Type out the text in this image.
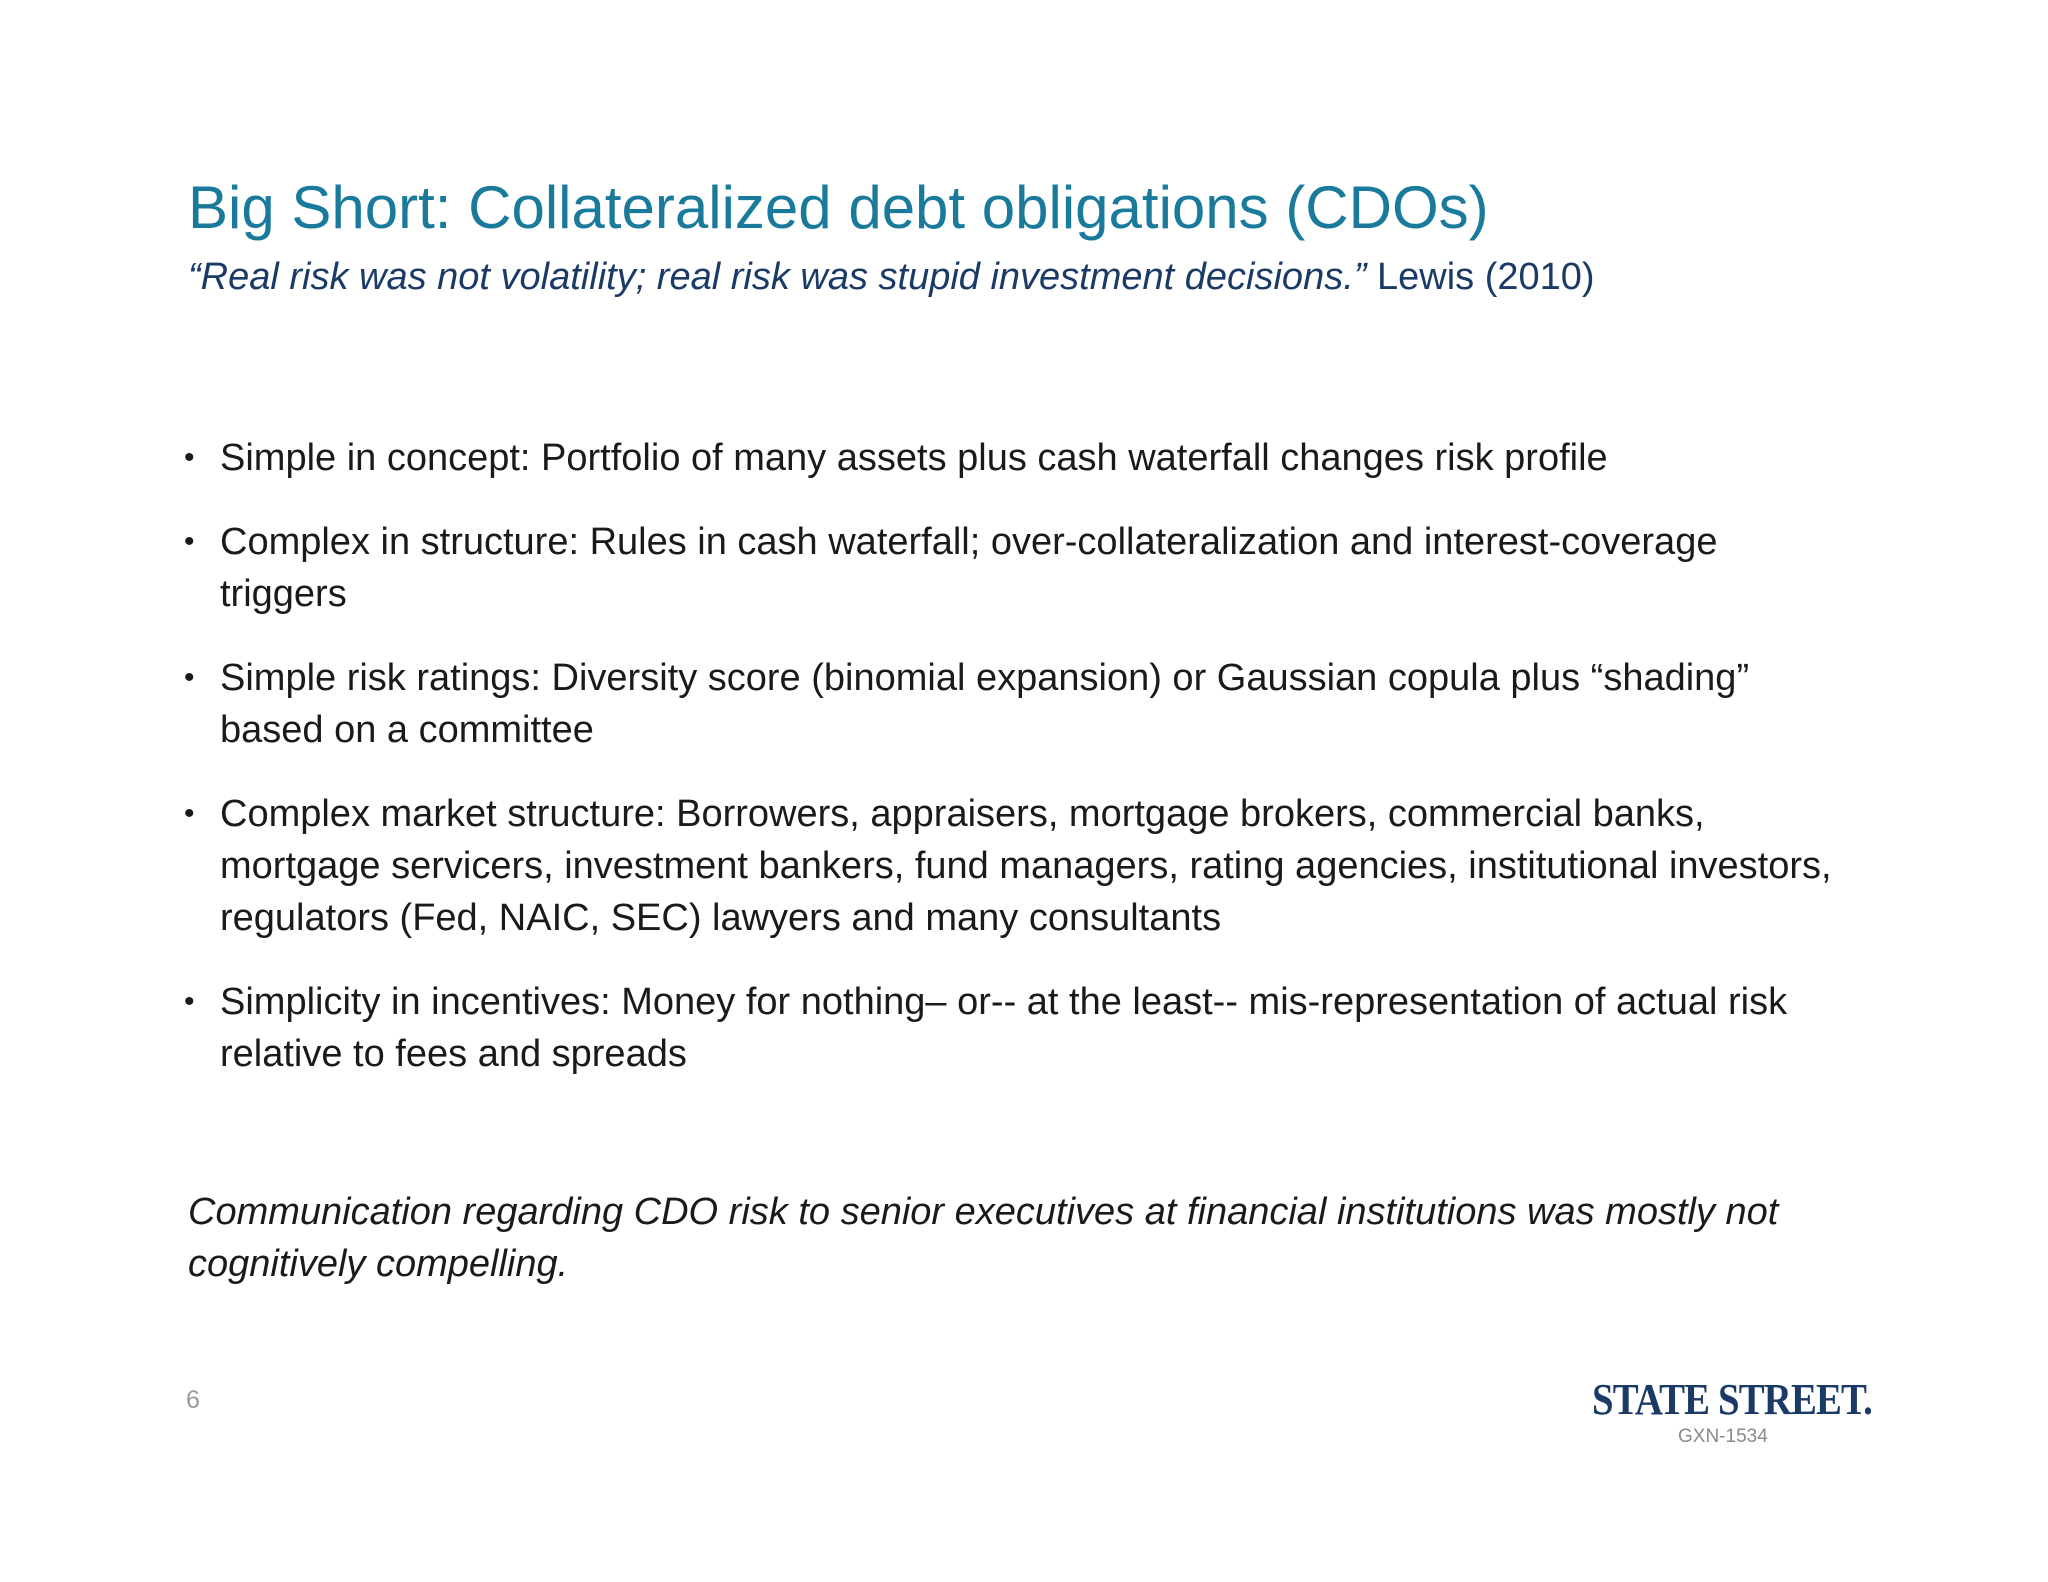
Big Short: Collateralized debt obligations (CDOs)

“Real risk was not volatility; real risk was stupid investment decisions.” Lewis (2010)

• Simple in concept: Portfolio of many assets plus cash waterfall changes risk profile
• Complex in structure: Rules in cash waterfall; over-collateralization and interest-coverage triggers
• Simple risk ratings: Diversity score (binomial expansion) or Gaussian copula plus “shading” based on a committee
• Complex market structure: Borrowers, appraisers, mortgage brokers, commercial banks, mortgage servicers, investment bankers, fund managers, rating agencies, institutional investors, regulators (Fed, NAIC, SEC) lawyers and many consultants
• Simplicity in incentives: Money for nothing– or-- at the least-- mis-representation of actual risk relative to fees and spreads

Communication regarding CDO risk to senior executives at financial institutions was mostly not cognitively compelling.

6	STATE STREET.
GXN-1534
